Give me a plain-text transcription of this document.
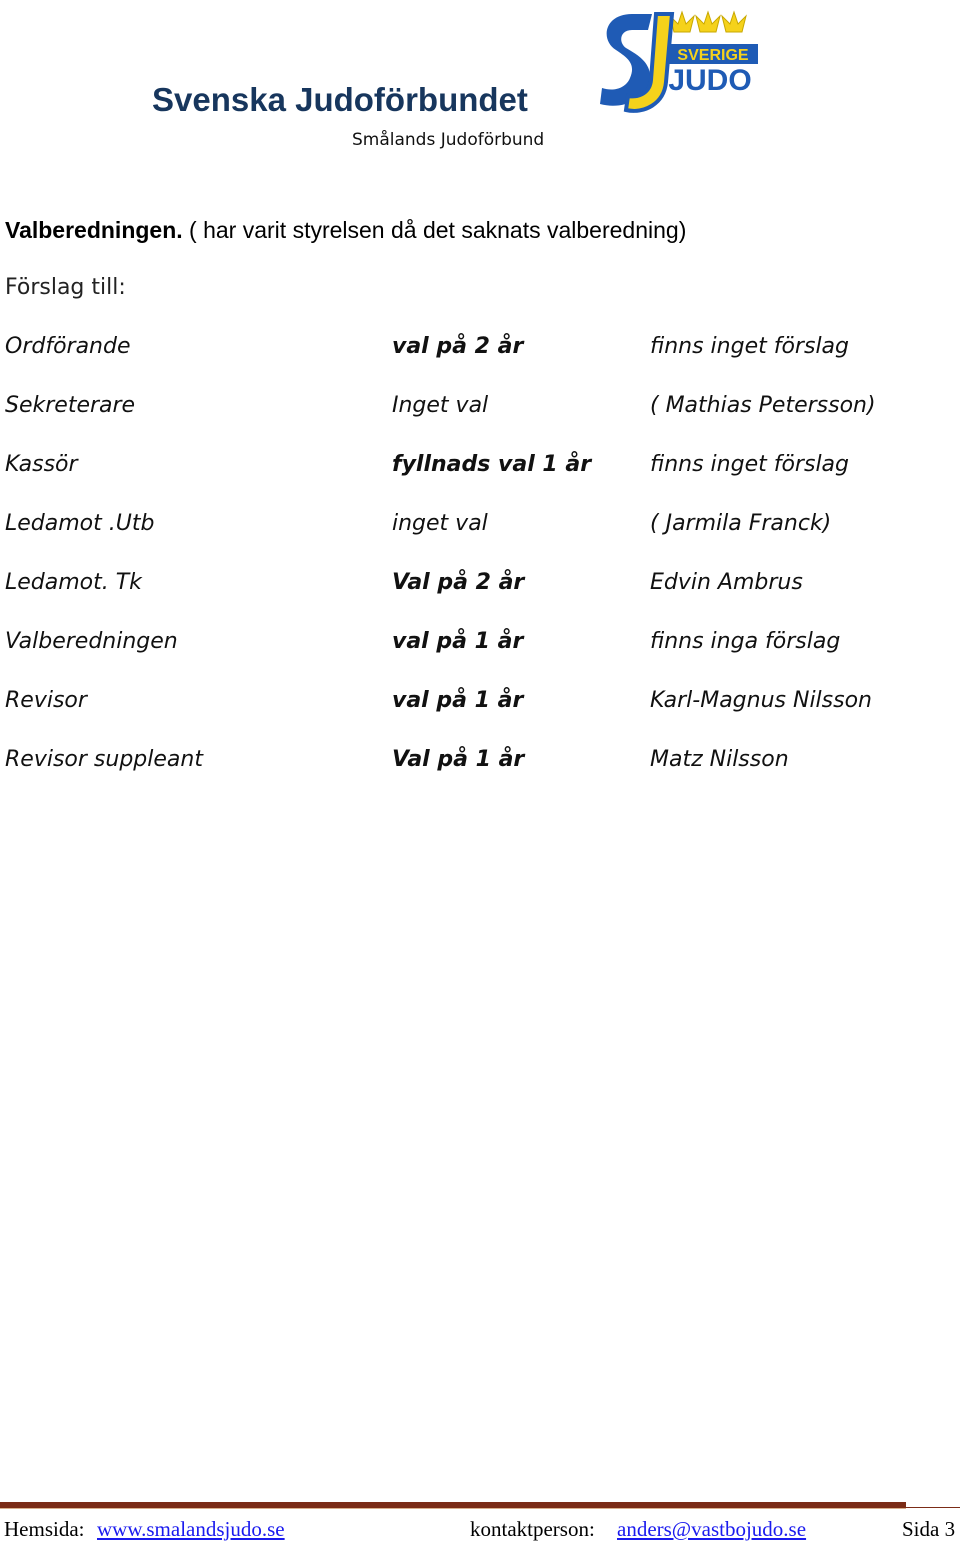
Svenska Judoförbundet
Smålands Judoförbund
SVERIGE
JUDO
Valberedningen. ( har varit styrelsen då det saknats valberedning)
Förslag till:
Ordförande	val på 2 år	finns inget förslag
Sekreterare	Inget val	( Mathias Petersson)
Kassör	fyllnads val 1 år	finns inget förslag
Ledamot .Utb	inget val	( Jarmila Franck)
Ledamot. Tk	Val på 2 år	Edvin Ambrus
Valberedningen	val på 1 år	finns inga förslag
Revisor	val på 1 år	Karl-Magnus Nilsson
Revisor suppleant	Val på 1 år	Matz Nilsson
Hemsida: www.smalandsjudo.se	kontaktperson: anders@vastbojudo.se	Sida 3
